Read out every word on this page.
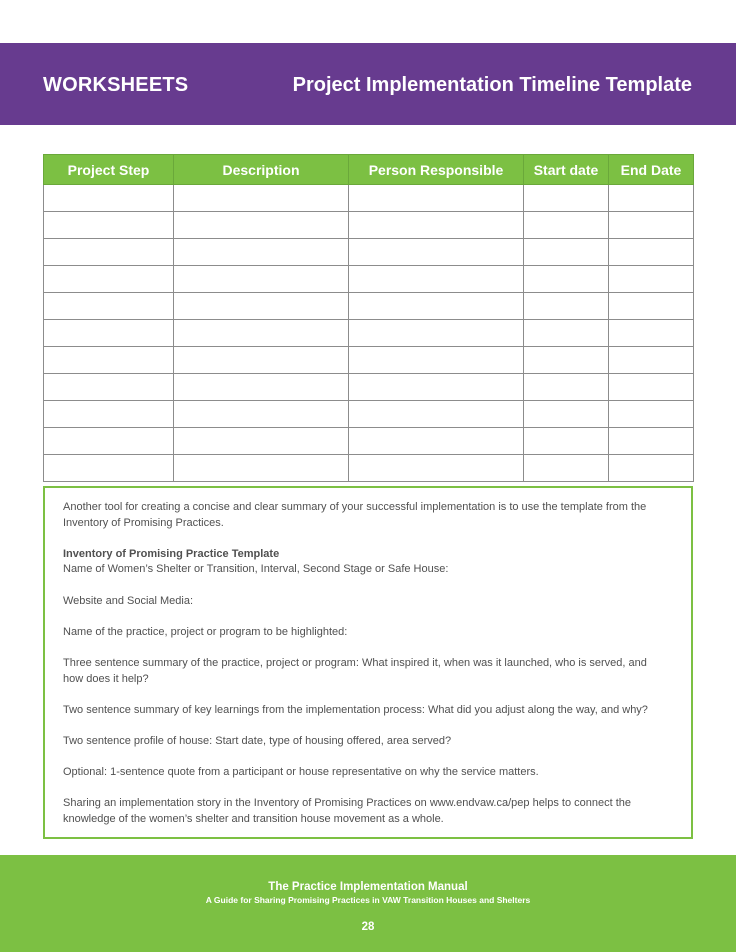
WORKSHEETS	Project Implementation Timeline Template
Project Step	Description	Person Responsible	Start date	End Date

Another tool for creating a concise and clear summary of your successful implementation is to use the template from the Inventory of Promising Practices.

Inventory of Promising Practice Template

Name of Women’s Shelter or Transition, Interval, Second Stage or Safe House:

Website and Social Media:

Name of the practice, project or program to be highlighted:

Three sentence summary of the practice, project or program: What inspired it, when was it launched, who is served, and how does it help?

Two sentence summary of key learnings from the implementation process: What did you adjust along the way, and why?

Two sentence profile of house: Start date, type of housing offered, area served?

Optional: 1-sentence quote from a participant or house representative on why the service matters.

Sharing an implementation story in the Inventory of Promising Practices on www.endvaw.ca/pep helps to connect the knowledge of the women’s shelter and transition house movement as a whole.

The Practice Implementation Manual
A Guide for Sharing Promising Practices in VAW Transition Houses and Shelters
28
